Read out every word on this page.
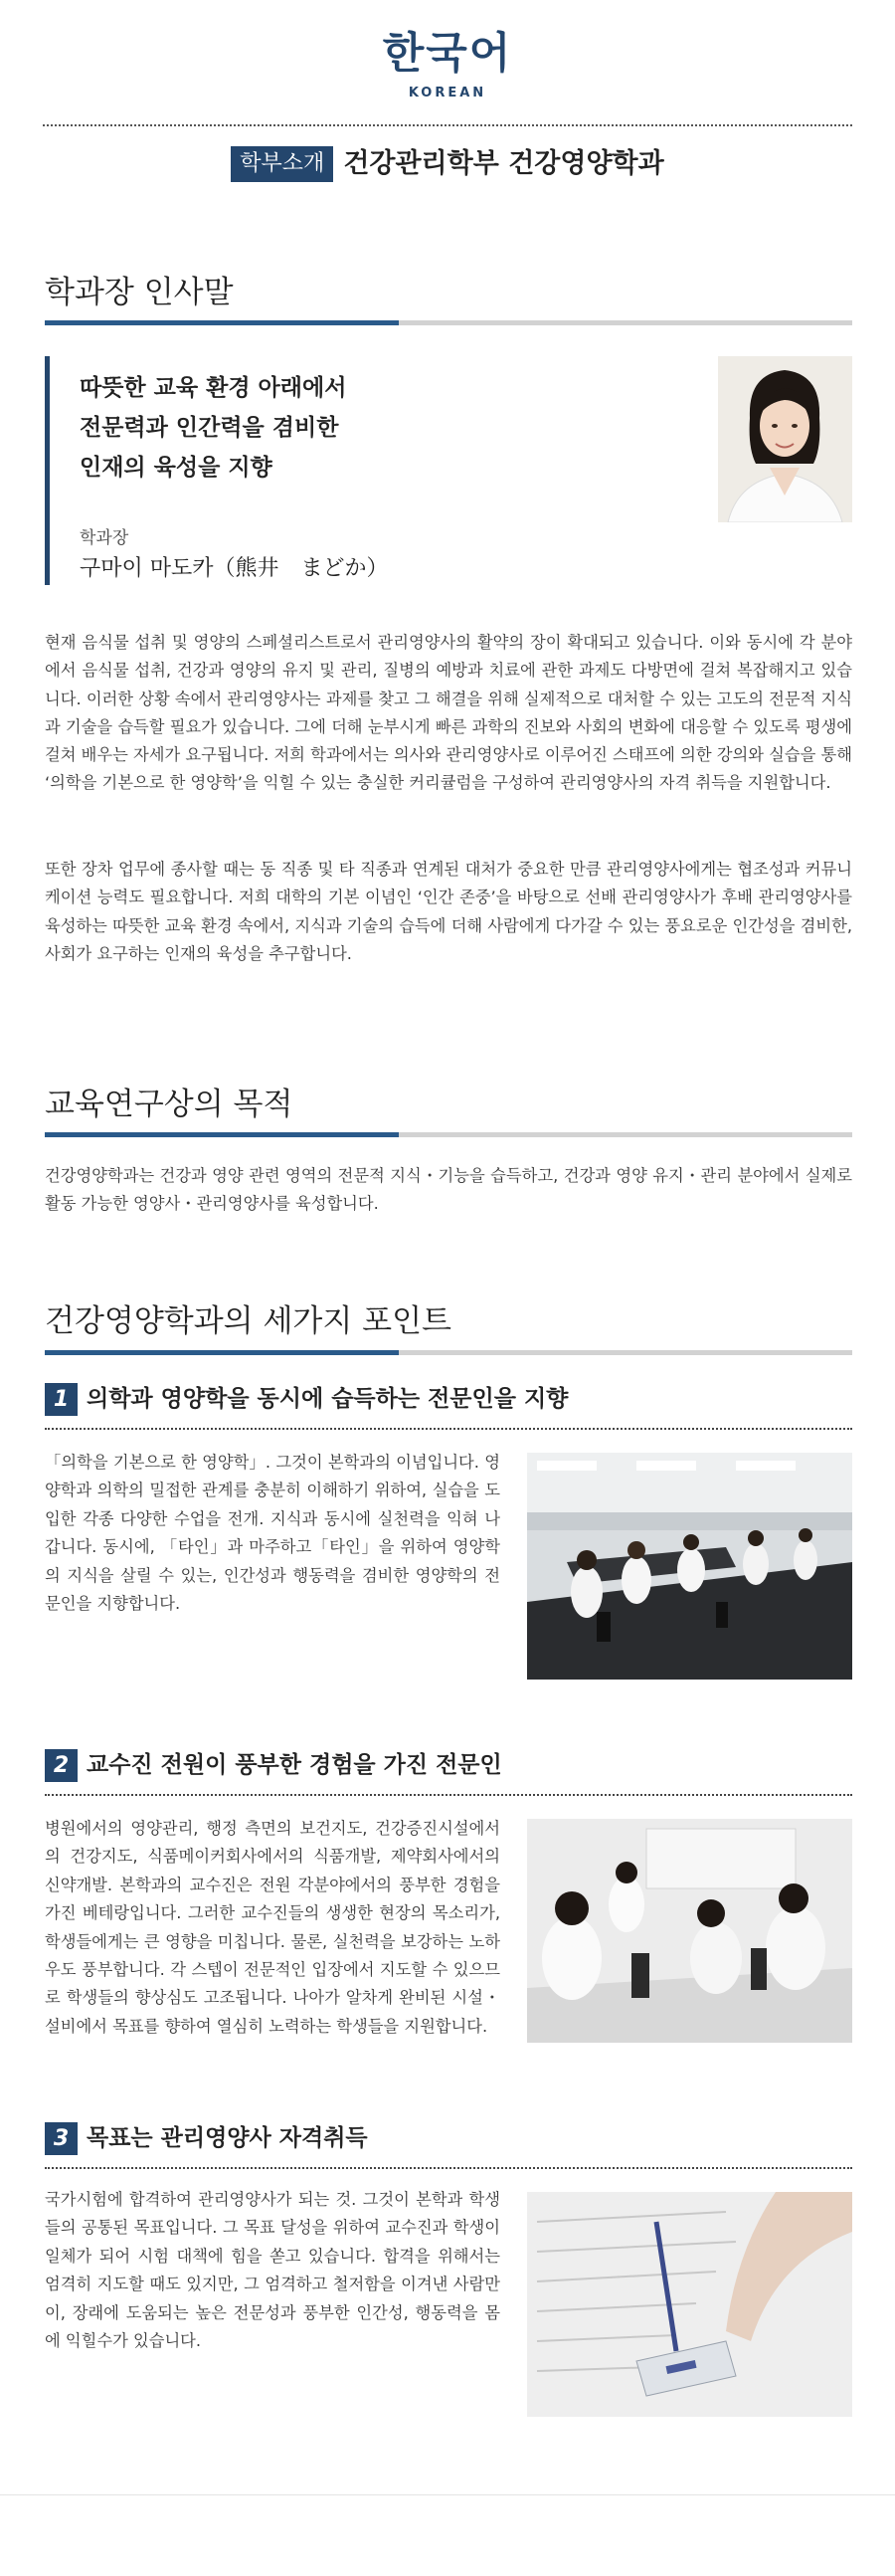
한국어
KOREAN
학부소개 건강관리학부 건강영양학과
학과장 인사말
따뜻한 교육 환경 아래에서
전문력과 인간력을 겸비한
인재의 육성을 지향
학과장
구마이 마도카（熊井　まどか）
현재 음식물 섭취 및 영양의 스페셜리스트로서 관리영양사의 활약의 장이 확대되고 있습니다. 이와 동시에 각 분야에서 음식물 섭취, 건강과 영양의 유지 및 관리, 질병의 예방과 치료에 관한 과제도 다방면에 걸쳐 복잡해지고 있습니다. 이러한 상황 속에서 관리영양사는 과제를 찾고 그 해결을 위해 실제적으로 대처할 수 있는 고도의 전문적 지식과 기술을 습득할 필요가 있습니다. 그에 더해 눈부시게 빠른 과학의 진보와 사회의 변화에 대응할 수 있도록 평생에 걸쳐 배우는 자세가 요구됩니다. 저희 학과에서는 의사와 관리영양사로 이루어진 스태프에 의한 강의와 실습을 통해 ‘의학을 기본으로 한 영양학’을 익힐 수 있는 충실한 커리큘럼을 구성하여 관리영양사의 자격 취득을 지원합니다.
또한 장차 업무에 종사할 때는 동 직종 및 타 직종과 연계된 대처가 중요한 만큼 관리영양사에게는 협조성과 커뮤니케이션 능력도 필요합니다. 저희 대학의 기본 이념인 ‘인간 존중’을 바탕으로 선배 관리영양사가 후배 관리영양사를 육성하는 따뜻한 교육 환경 속에서, 지식과 기술의 습득에 더해 사람에게 다가갈 수 있는 풍요로운 인간성을 겸비한, 사회가 요구하는 인재의 육성을 추구합니다.
교육연구상의 목적
건강영양학과는 건강과 영양 관련 영역의 전문적 지식・기능을 습득하고, 건강과 영양 유지・관리 분야에서 실제로 활동 가능한 영양사・관리영양사를 육성합니다.
건강영양학과의 세가지 포인트
1 의학과 영양학을 동시에 습득하는 전문인을 지향
「의학을 기본으로 한 영양학」. 그것이 본학과의 이념입니다. 영양학과 의학의 밀접한 관계를 충분히 이해하기 위하여, 실습을 도입한 각종 다양한 수업을 전개. 지식과 동시에 실천력을 익혀 나갑니다. 동시에, 「타인」과 마주하고「타인」을 위하여 영양학의 지식을 살릴 수 있는, 인간성과 행동력을 겸비한 영양학의 전문인을 지향합니다.
2 교수진 전원이 풍부한 경험을 가진 전문인
병원에서의 영양관리, 행정 측면의 보건지도, 건강증진시설에서의 건강지도, 식품메이커회사에서의 식품개발, 제약회사에서의 신약개발. 본학과의 교수진은 전원 각분야에서의 풍부한 경험을 가진 베테랑입니다. 그러한 교수진들의 생생한 현장의 목소리가, 학생들에게는 큰 영향을 미칩니다. 물론, 실천력을 보강하는 노하우도 풍부합니다. 각 스텝이 전문적인 입장에서 지도할 수 있으므로 학생들의 향상심도 고조됩니다. 나아가 알차게 완비된 시설・설비에서 목표를 향하여 열심히 노력하는 학생들을 지원합니다.
3 목표는 관리영양사 자격취득
국가시험에 합격하여 관리영양사가 되는 것. 그것이 본학과 학생들의 공통된 목표입니다. 그 목표 달성을 위하여 교수진과 학생이 일체가 되어 시험 대책에 힘을 쏟고 있습니다. 합격을 위해서는 엄격히 지도할 때도 있지만, 그 엄격하고 철저함을 이겨낸 사람만이, 장래에 도움되는 높은 전문성과 풍부한 인간성, 행동력을 몸에 익힐수가 있습니다.
